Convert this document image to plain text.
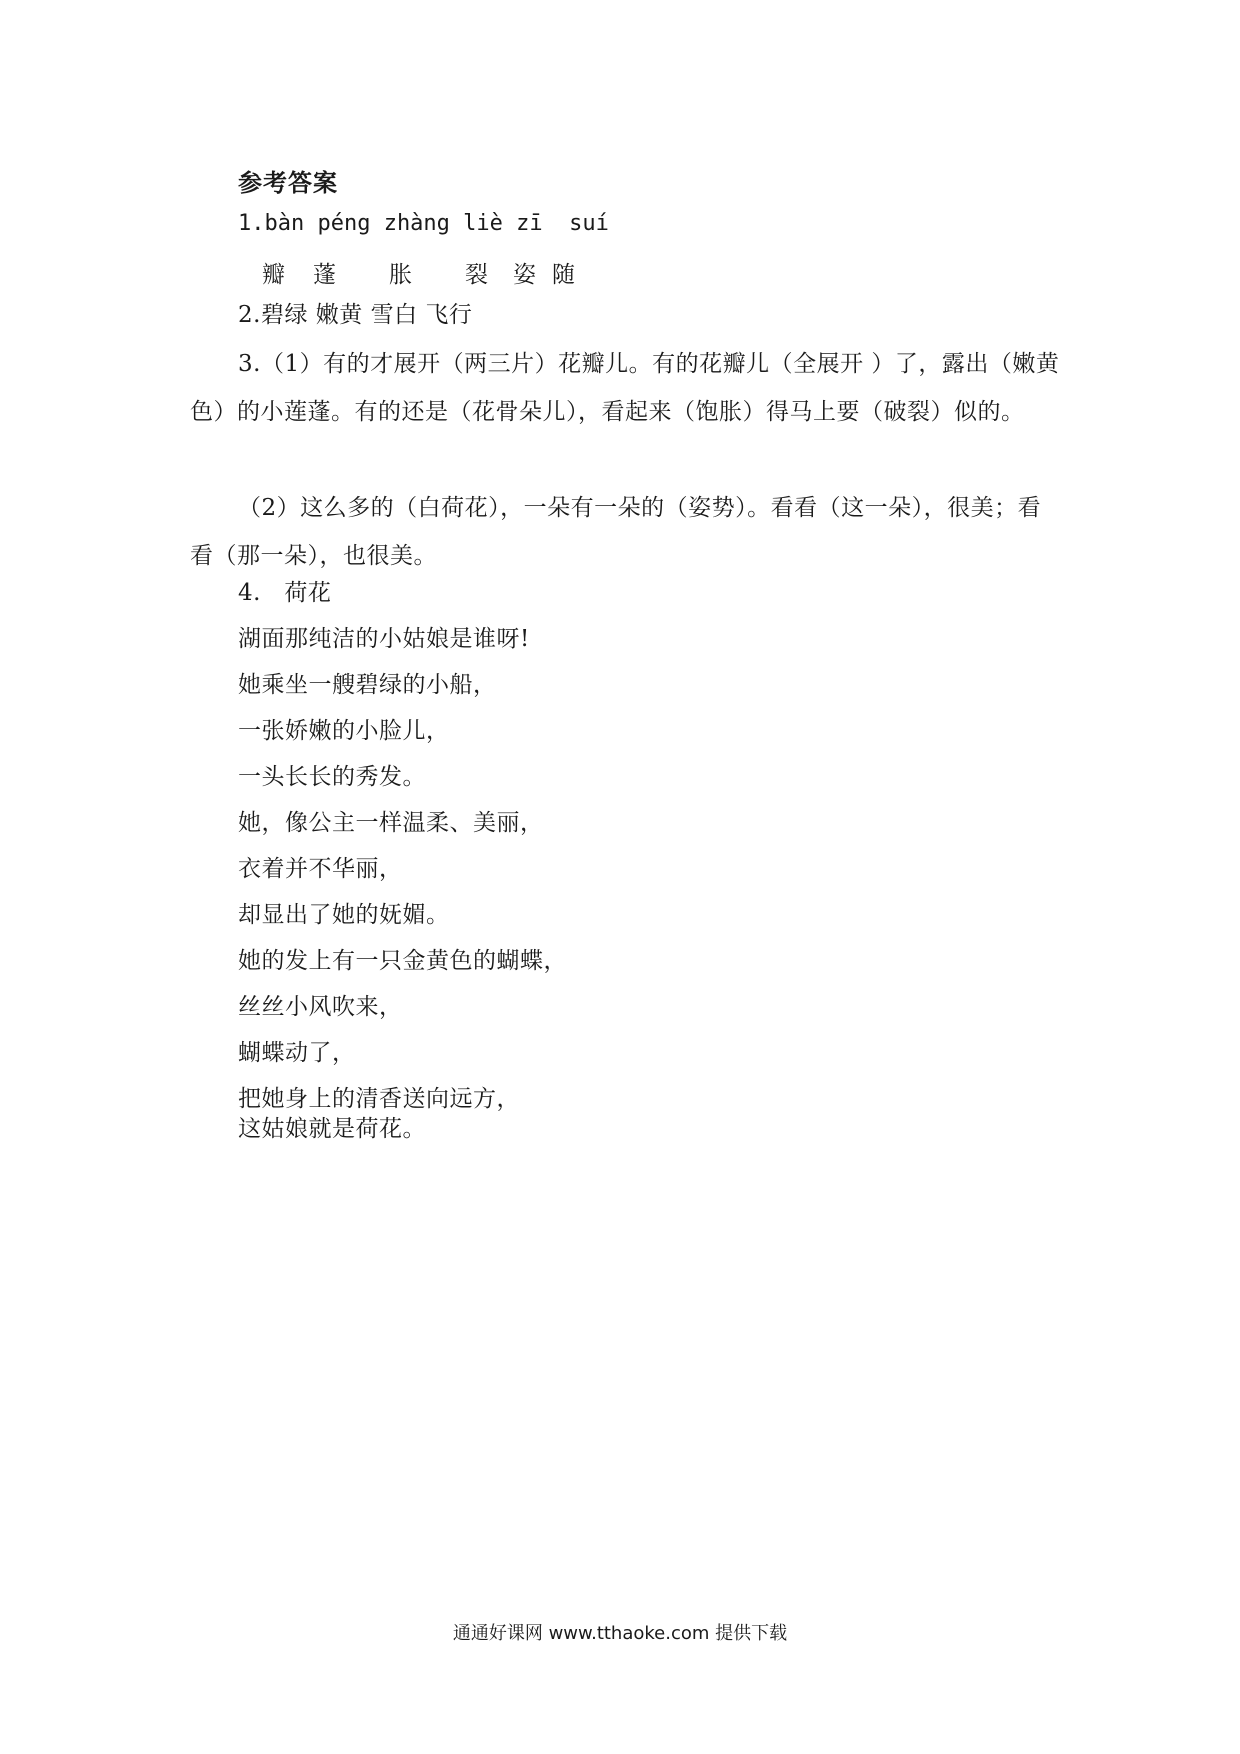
参考答案
1.bàn péng zhàng liè zī  suí
瓣 蓬 胀 裂 姿 随
2.碧绿 嫩黄 雪白 飞行
3.（1）有的才展开（两三片）花瓣儿。有的花瓣儿（全展开 ）了，露出（嫩黄色）的小莲蓬。有的还是（花骨朵儿），看起来（饱胀）得马上要（破裂）似的。
（2）这么多的（白荷花），一朵有一朵的（姿势）。看看（这一朵），很美；看看（那一朵），也很美。
4.   荷花
湖面那纯洁的小姑娘是谁呀!
她乘坐一艘碧绿的小船，
一张娇嫩的小脸儿，
一头长长的秀发。
她，像公主一样温柔、美丽，
衣着并不华丽，
却显出了她的妩媚。
她的发上有一只金黄色的蝴蝶，
丝丝小风吹来，
蝴蝶动了，
把她身上的清香送向远方，
这姑娘就是荷花。
通通好课网 www.tthaoke.com 提供下载
